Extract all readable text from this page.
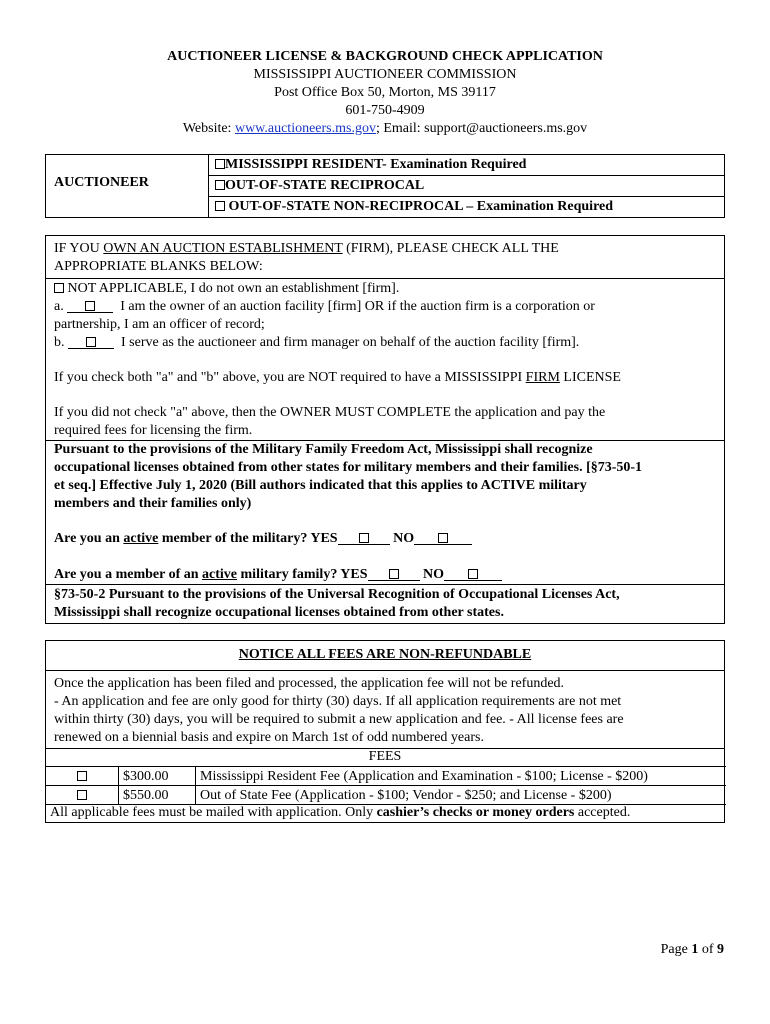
AUCTIONEER LICENSE & BACKGROUND CHECK APPLICATION
MISSISSIPPI AUCTIONEER COMMISSION
Post Office Box 50, Morton, MS 39117
601-750-4909
Website: www.auctioneers.ms.gov; Email: support@auctioneers.ms.gov
AUCTIONEER
MISSISSIPPI RESIDENT- Examination Required
OUT-OF-STATE RECIPROCAL
OUT-OF-STATE NON-RECIPROCAL – Examination Required
IF YOU OWN AN AUCTION ESTABLISHMENT (FIRM), PLEASE CHECK ALL THE
APPROPRIATE BLANKS BELOW:
NOT APPLICABLE, I do not own an establishment [firm].
a.	I am the owner of an auction facility [firm] OR if the auction firm is a corporation or
partnership, I am an officer of record;
b.	I serve as the auctioneer and firm manager on behalf of the auction facility [firm].
If you check both "a" and "b" above, you are NOT required to have a MISSISSIPPI FIRM LICENSE
If you did not check "a" above, then the OWNER MUST COMPLETE the application and pay the
required fees for licensing the firm.
Pursuant to the provisions of the Military Family Freedom Act, Mississippi shall recognize
occupational licenses obtained from other states for military members and their families. [§73-50-1
et seq.] Effective July 1, 2020 (Bill authors indicated that this applies to ACTIVE military
members and their families only)
Are you an active member of the military? YES	NO
Are you a member of an active military family? YES	NO
§73-50-2 Pursuant to the provisions of the Universal Recognition of Occupational Licenses Act,
Mississippi shall recognize occupational licenses obtained from other states.
NOTICE ALL FEES ARE NON-REFUNDABLE
Once the application has been filed and processed, the application fee will not be refunded.
- An application and fee are only good for thirty (30) days. If all application requirements are not met
within thirty (30) days, you will be required to submit a new application and fee. - All license fees are
renewed on a biennial basis and expire on March 1st of odd numbered years.
FEES
	$300.00	Mississippi Resident Fee (Application and Examination - $100; License - $200)
	$550.00	Out of State Fee (Application - $100; Vendor - $250; and License - $200)
All applicable fees must be mailed with application. Only cashier’s checks or money orders accepted.
Page 1 of 9
